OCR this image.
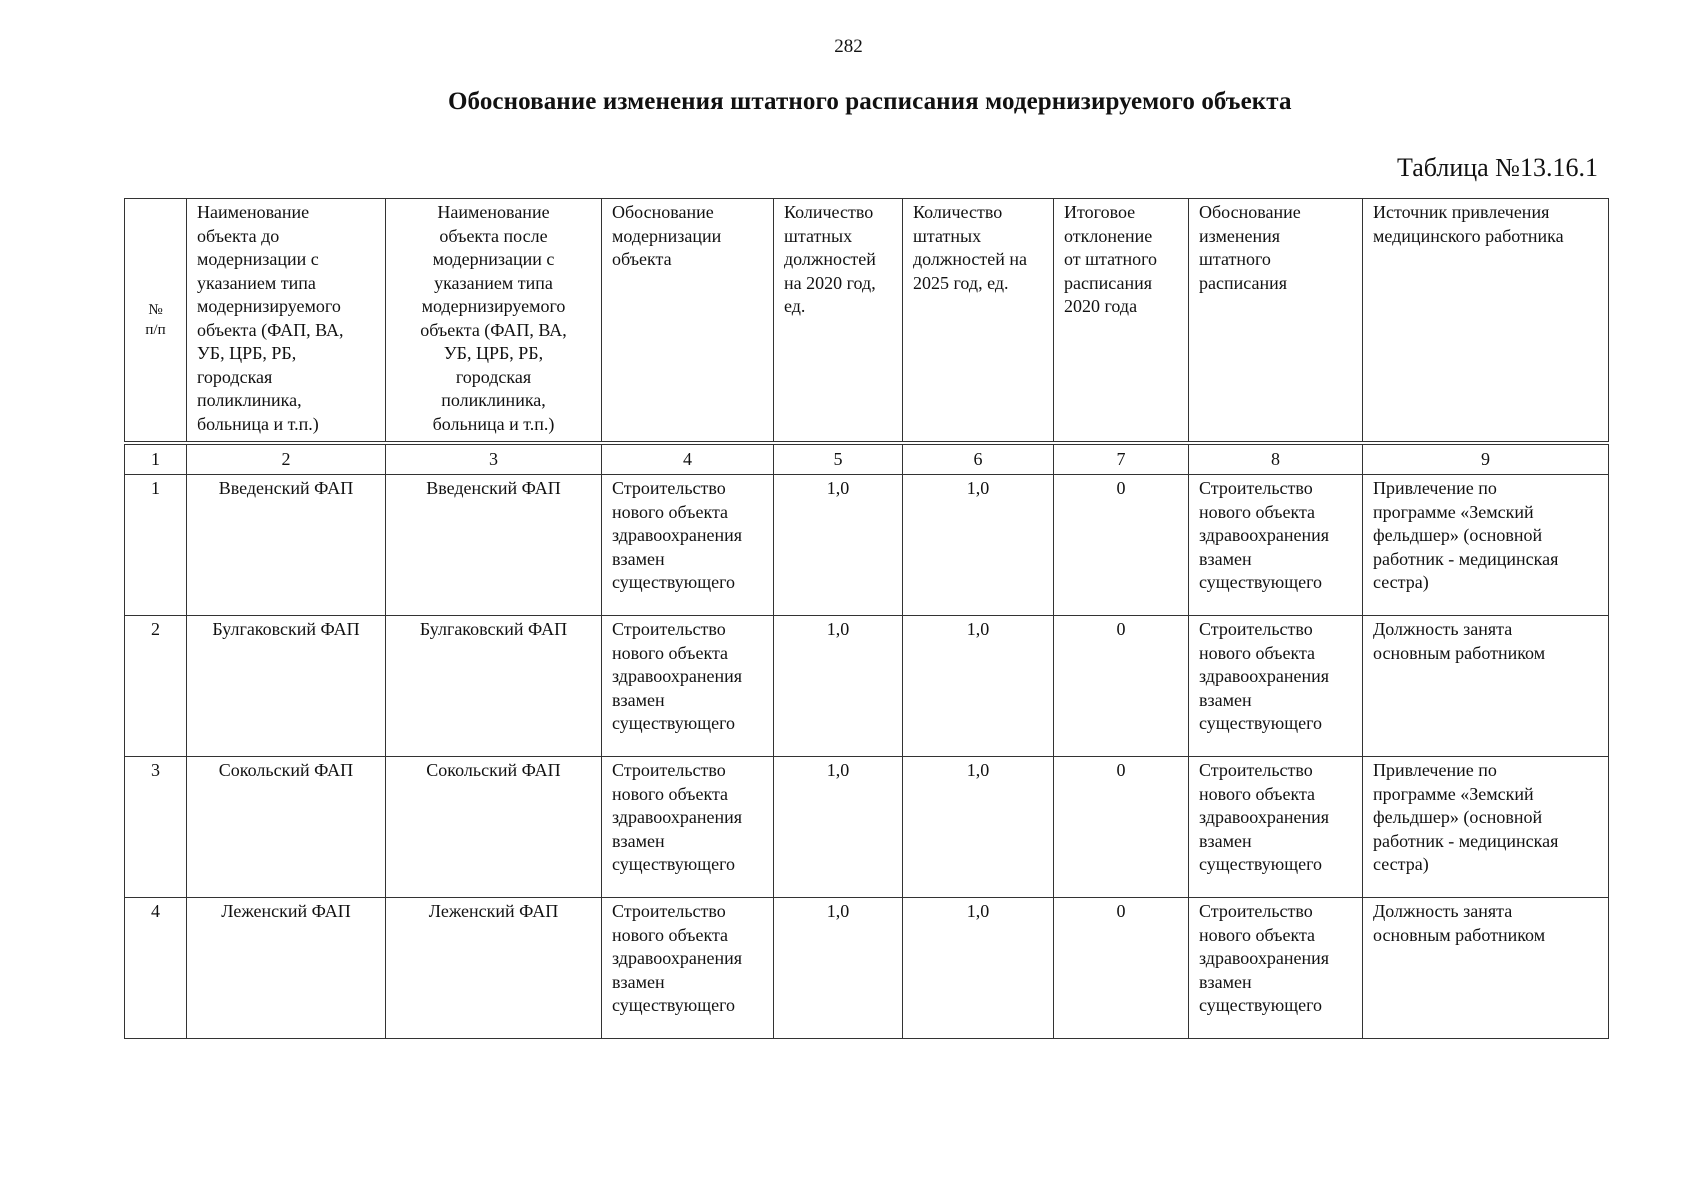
282
Обоснование изменения штатного расписания модернизируемого объекта
Таблица №13.16.1
№
п/п	Наименование
объекта до
модернизации с
указанием типа
модернизируемого
объекта (ФАП, ВА,
УБ, ЦРБ, РБ,
городская
поликлиника,
больница и т.п.)	Наименование
объекта после
модернизации с
указанием типа
модернизируемого
объекта (ФАП, ВА,
УБ, ЦРБ, РБ,
городская
поликлиника,
больница и т.п.)	Обоснование
модернизации
объекта	Количество
штатных
должностей
на 2020 год,
ед.	Количество
штатных
должностей на
2025 год, ед.	Итоговое
отклонение
от штатного
расписания
2020 года	Обоснование
изменения
штатного
расписания	Источник привлечения
медицинского работника
1	2	3	4	5	6	7	8	9
1	Введенский ФАП	Введенский ФАП	Строительство
нового объекта
здравоохранения
взамен
существующего	1,0	1,0	0	Строительство
нового объекта
здравоохранения
взамен
существующего	Привлечение по
программе «Земский
фельдшер» (основной
работник - медицинская
сестра)
2	Булгаковский ФАП	Булгаковский ФАП	Строительство
нового объекта
здравоохранения
взамен
существующего	1,0	1,0	0	Строительство
нового объекта
здравоохранения
взамен
существующего	Должность занята
основным работником
3	Сокольский ФАП	Сокольский ФАП	Строительство
нового объекта
здравоохранения
взамен
существующего	1,0	1,0	0	Строительство
нового объекта
здравоохранения
взамен
существующего	Привлечение по
программе «Земский
фельдшер» (основной
работник - медицинская
сестра)
4	Леженский ФАП	Леженский ФАП	Строительство
нового объекта
здравоохранения
взамен
существующего	1,0	1,0	0	Строительство
нового объекта
здравоохранения
взамен
существующего	Должность занята
основным работником
